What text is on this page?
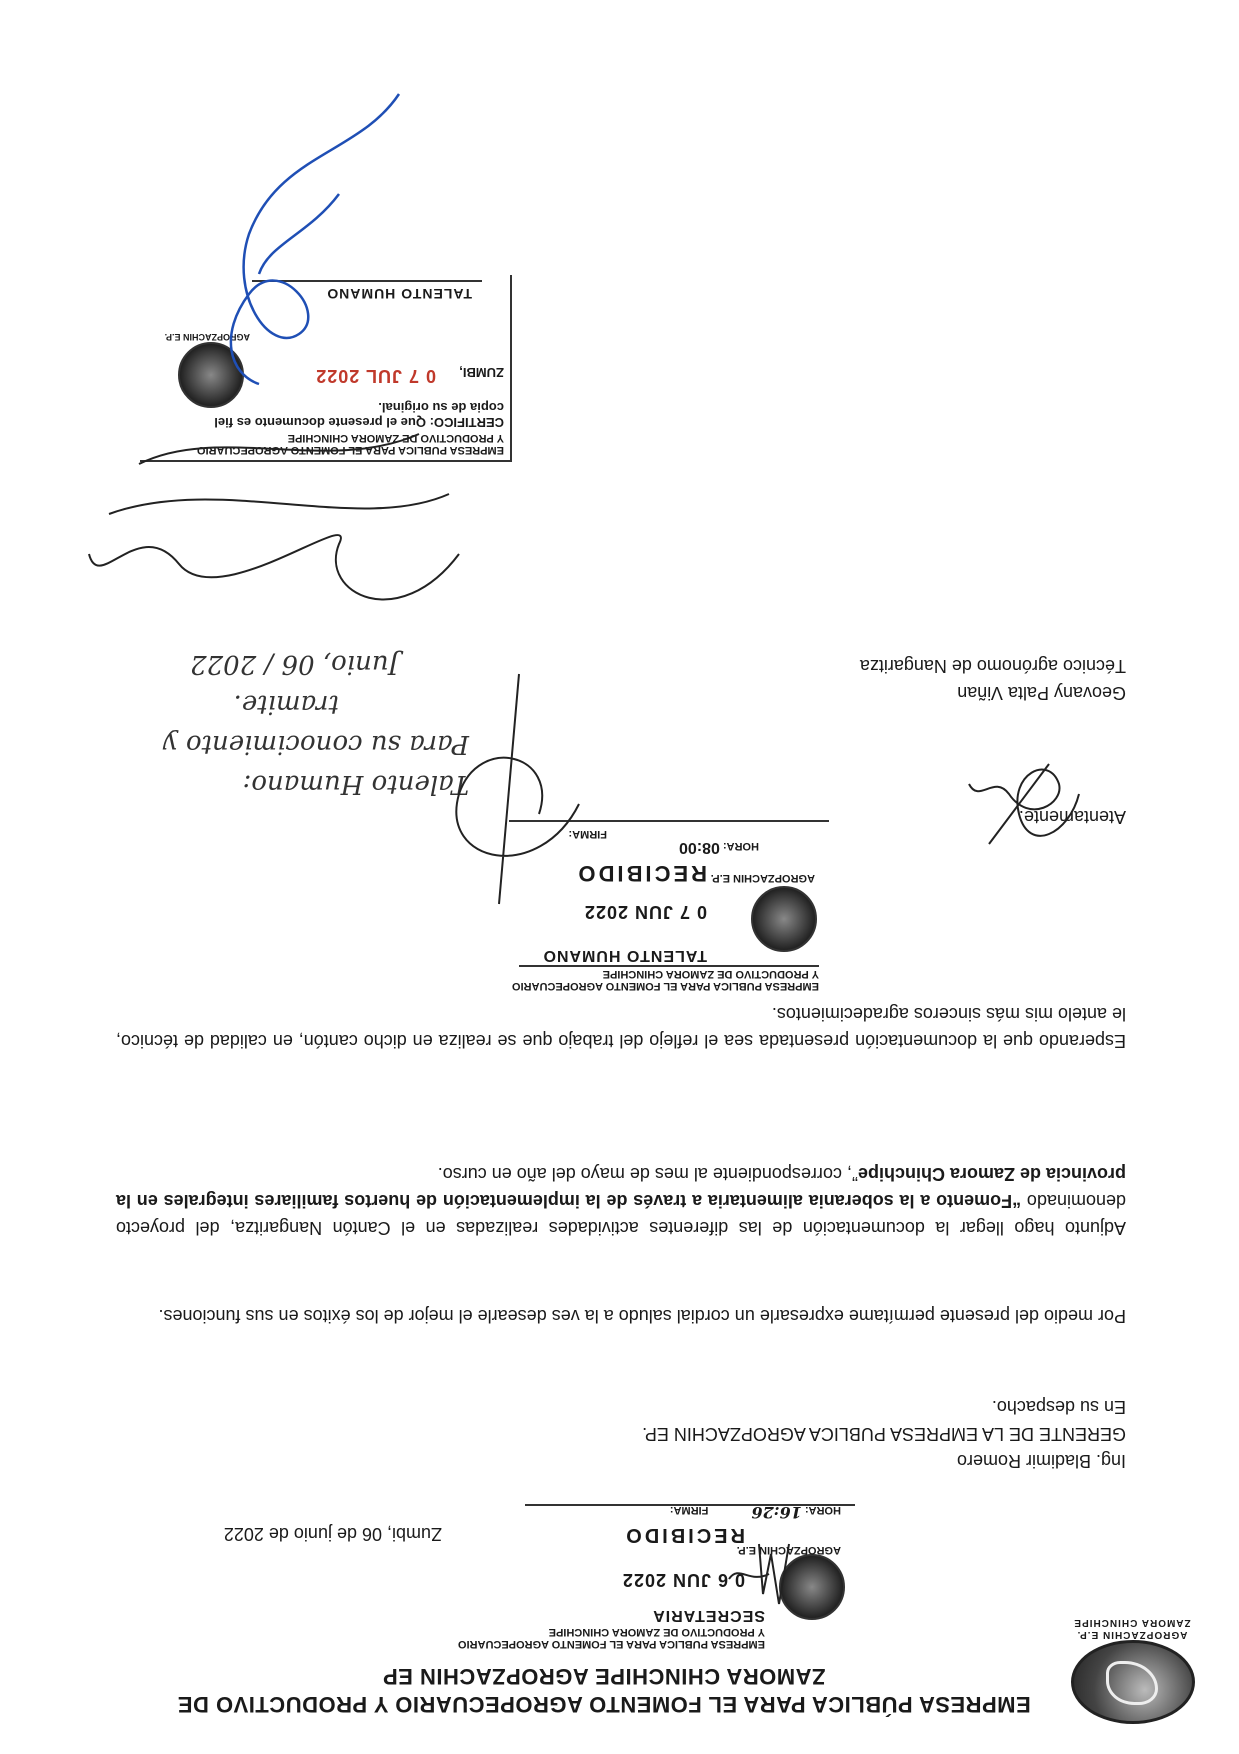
AGROPZACHIN E.P.
ZAMORA CHINCHIPE
EMPRESA PÚBLICA PARA EL FOMENTO AGROPECUARIO Y PRODUCTIVO DE
ZAMORA CHINCHIPE AGROPZACHIN EP
EMPRESA PUBLICA PARA EL FOMENTO AGROPECUARIO
Y PRODUCTIVO DE ZAMORA CHINCHIPE
SECRETARIA
0 6 JUN 2022
AGROPZACHIN E.P.
RECIBIDO
HORA: 16:26 FIRMA:
Zumbi, 06 de junio de 2022
Ing. Bladimir Romero
GERENTE DE LA EMPRESA PUBLICA AGROPZACHIN EP.
En su despacho.
Por medio del presente permítame expresarle un cordial saludo a la ves desearle el mejor de los éxitos en sus funciones.
Adjunto hago llegar la documentación de las diferentes actividades realizadas en el Cantón Nangaritza, del proyecto denominado “Fomento a la soberania alimentaria a través de la implementación de huertos familiares integrales en la provincia de Zamora Chinchipe”, correspondiente al mes de mayo del año en curso.
Esperando que la documentación presentada sea el reflejo del trabajo que se realiza en dicho cantón, en calidad de técnico, le antelo mis más sinceros agradecimientos.
EMPRESA PUBLICA PARA EL FOMENTO AGROPECUARIO
Y PRODUCTIVO DE ZAMORA CHINCHIPE
TALENTO HUMANO
0 7 JUN 2022
AGROPZACHIN E.P.
RECIBIDO
HORA: 08:00
FIRMA:
Atentamente.
Geovany Palta Viñan
Técnico agrónomo de Nangaritza
Talento Humano:
Para su conocimiento y
tramite.
Junio, 06 / 2022
EMPRESA PUBLICA PARA EL FOMENTO AGROPECUARIO
Y PRODUCTIVO DE ZAMORA CHINCHIPE
CERTIFICO: Que el presente documento es fiel
copia de su original.
ZUMBI,
0 7 JUL 2022
AGROPZACHIN E.P.
TALENTO HUMANO
